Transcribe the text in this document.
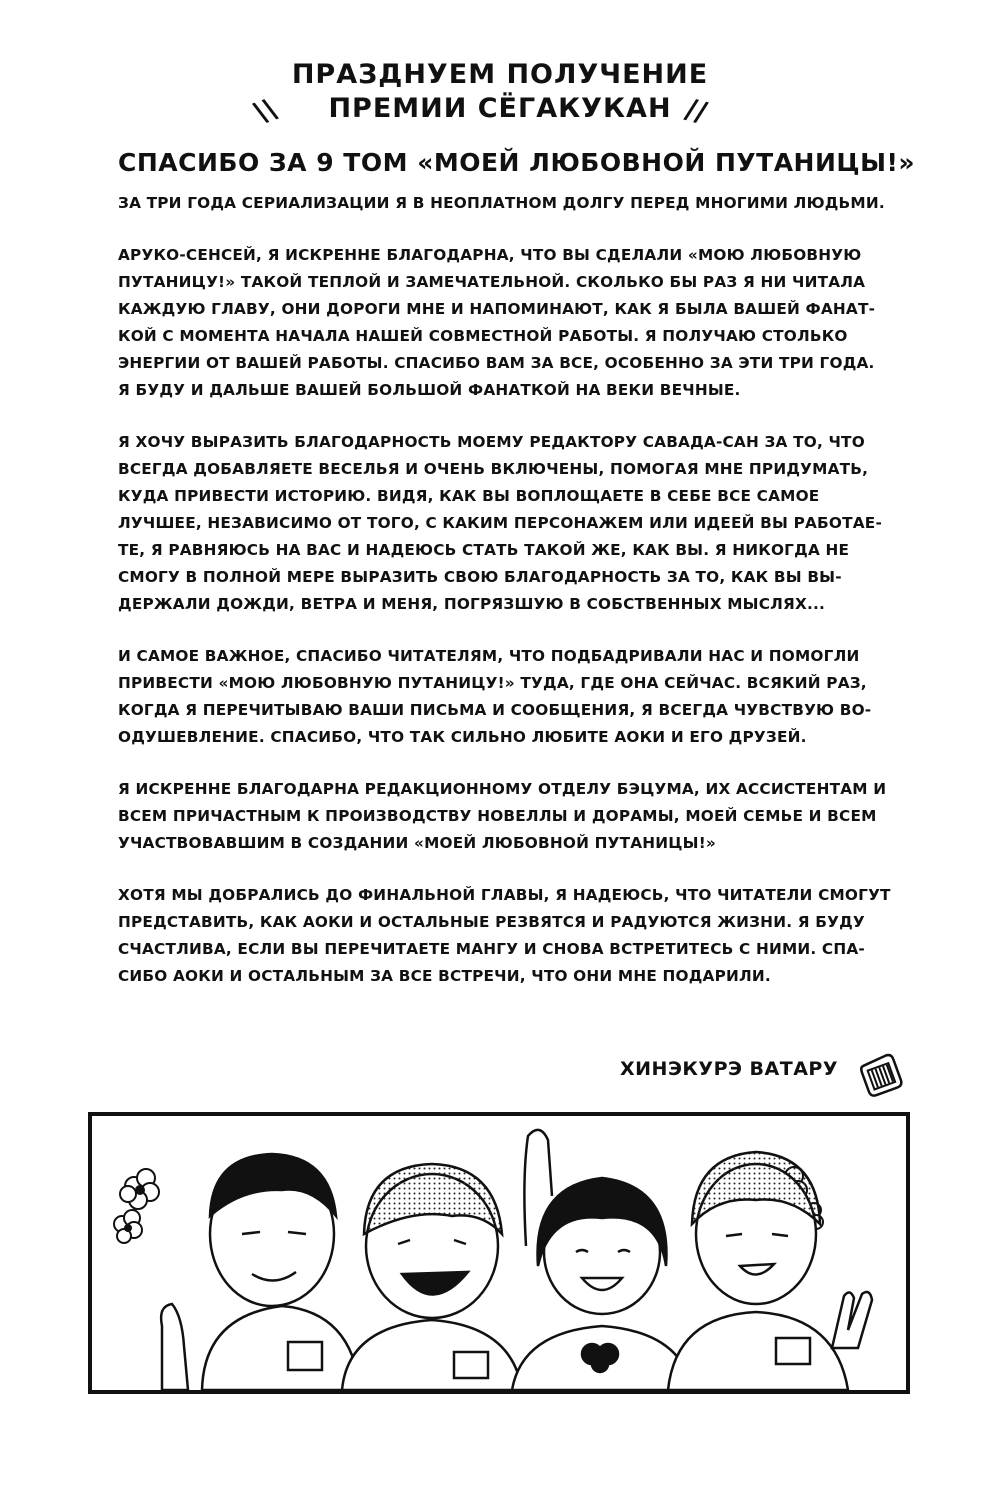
ПРАЗДНУЕМ ПОЛУЧЕНИЕ
ПРЕМИИ СЁГАКУКАН
\\	//
СПАСИБО ЗА 9 ТОМ «МОЕЙ ЛЮБОВНОЙ ПУТАНИЦЫ!»
ЗА ТРИ ГОДА СЕРИАЛИЗАЦИИ Я В НЕОПЛАТНОМ ДОЛГУ ПЕРЕД МНОГИМИ ЛЮДЬМИ.
АРУКО-СЕНСЕЙ, Я ИСКРЕННЕ БЛАГОДАРНА, ЧТО ВЫ СДЕЛАЛИ «МОЮ ЛЮБОВНУЮ
ПУТАНИЦУ!» ТАКОЙ ТЕПЛОЙ И ЗАМЕЧАТЕЛЬНОЙ. СКОЛЬКО БЫ РАЗ Я НИ ЧИТАЛА
КАЖДУЮ ГЛАВУ, ОНИ ДОРОГИ МНЕ И НАПОМИНАЮТ, КАК Я БЫЛА ВАШЕЙ ФАНАТ-
КОЙ С МОМЕНТА НАЧАЛА НАШЕЙ СОВМЕСТНОЙ РАБОТЫ. Я ПОЛУЧАЮ СТОЛЬКО
ЭНЕРГИИ ОТ ВАШЕЙ РАБОТЫ. СПАСИБО ВАМ ЗА ВСЕ, ОСОБЕННО ЗА ЭТИ ТРИ ГОДА.
Я БУДУ И ДАЛЬШЕ ВАШЕЙ БОЛЬШОЙ ФАНАТКОЙ НА ВЕКИ ВЕЧНЫЕ.
Я ХОЧУ ВЫРАЗИТЬ БЛАГОДАРНОСТЬ МОЕМУ РЕДАКТОРУ САВАДА-САН ЗА ТО, ЧТО
ВСЕГДА ДОБАВЛЯЕТЕ ВЕСЕЛЬЯ И ОЧЕНЬ ВКЛЮЧЕНЫ, ПОМОГАЯ МНЕ ПРИДУМАТЬ,
КУДА ПРИВЕСТИ ИСТОРИЮ. ВИДЯ, КАК ВЫ ВОПЛОЩАЕТЕ В СЕБЕ ВСЕ САМОЕ
ЛУЧШЕЕ, НЕЗАВИСИМО ОТ ТОГО, С КАКИМ ПЕРСОНАЖЕМ ИЛИ ИДЕЕЙ ВЫ РАБОТАЕ-
ТЕ, Я РАВНЯЮСЬ НА ВАС И НАДЕЮСЬ СТАТЬ ТАКОЙ ЖЕ, КАК ВЫ. Я НИКОГДА НЕ
СМОГУ В ПОЛНОЙ МЕРЕ ВЫРАЗИТЬ СВОЮ БЛАГОДАРНОСТЬ ЗА ТО, КАК ВЫ ВЫ-
ДЕРЖАЛИ ДОЖДИ, ВЕТРА И МЕНЯ, ПОГРЯЗШУЮ В СОБСТВЕННЫХ МЫСЛЯХ...
И САМОЕ ВАЖНОЕ, СПАСИБО ЧИТАТЕЛЯМ, ЧТО ПОДБАДРИВАЛИ НАС И ПОМОГЛИ
ПРИВЕСТИ «МОЮ ЛЮБОВНУЮ ПУТАНИЦУ!» ТУДА, ГДЕ ОНА СЕЙЧАС. ВСЯКИЙ РАЗ,
КОГДА Я ПЕРЕЧИТЫВАЮ ВАШИ ПИСЬМА И СООБЩЕНИЯ, Я ВСЕГДА ЧУВСТВУЮ ВО-
ОДУШЕВЛЕНИЕ. СПАСИБО, ЧТО ТАК СИЛЬНО ЛЮБИТЕ АОКИ И ЕГО ДРУЗЕЙ.
Я ИСКРЕННЕ БЛАГОДАРНА РЕДАКЦИОННОМУ ОТДЕЛУ БЭЦУМА, ИХ АССИСТЕНТАМ И
ВСЕМ ПРИЧАСТНЫМ К ПРОИЗВОДСТВУ НОВЕЛЛЫ И ДОРАМЫ, МОЕЙ СЕМЬЕ И ВСЕМ
УЧАСТВОВАВШИМ В СОЗДАНИИ «МОЕЙ ЛЮБОВНОЙ ПУТАНИЦЫ!»
ХОТЯ МЫ ДОБРАЛИСЬ ДО ФИНАЛЬНОЙ ГЛАВЫ, Я НАДЕЮСЬ, ЧТО ЧИТАТЕЛИ СМОГУТ
ПРЕДСТАВИТЬ, КАК АОКИ И ОСТАЛЬНЫЕ РЕЗВЯТСЯ И РАДУЮТСЯ ЖИЗНИ. Я БУДУ
СЧАСТЛИВА, ЕСЛИ ВЫ ПЕРЕЧИТАЕТЕ МАНГУ И СНОВА ВСТРЕТИТЕСЬ С НИМИ. СПА-
СИБО АОКИ И ОСТАЛЬНЫМ ЗА ВСЕ ВСТРЕЧИ, ЧТО ОНИ МНЕ ПОДАРИЛИ.
ХИНЭКУРЭ ВАТАРУ
